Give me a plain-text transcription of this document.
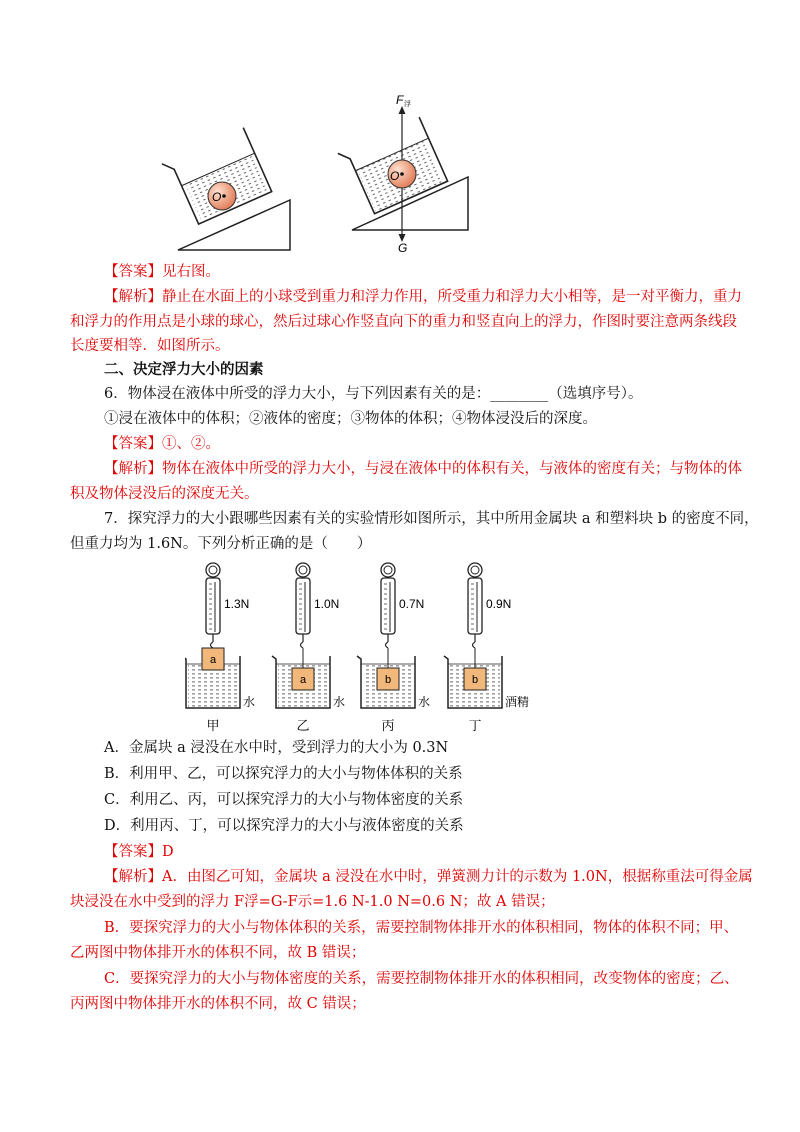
O
O
F 浮
G
【答案】见右图。
【解析】静止在水面上的小球受到重力和浮力作用，所受重力和浮力大小相等，是一对平衡力，重力
和浮力的作用点是小球的球心，然后过球心作竖直向下的重力和竖直向上的浮力，作图时要注意两条线段
长度要相等．如图所示。
二、决定浮力大小的因素
6．物体浸在液体中所受的浮力大小，与下列因素有关的是：________（选填序号）。
①浸在液体中的体积；②液体的密度；③物体的体积；④物体浸没后的深度。
【答案】①、②。
【解析】物体在液体中所受的浮力大小，与浸在液体中的体积有关，与液体的密度有关；与物体的体
积及物体浸没后的深度无关。
7．探究浮力的大小跟哪些因素有关的实验情形如图所示，其中所用金属块 a 和塑料块 b 的密度不同，
但重力均为 1.6N。下列分析正确的是（　　）
a
1.3N
水
甲
a
1.0N
水
乙
b
0.7N
水
丙
b
0.9N
酒精
丁
A．金属块 a 浸没在水中时，受到浮力的大小为 0.3N
B．利用甲、乙，可以探究浮力的大小与物体体积的关系
C．利用乙、丙，可以探究浮力的大小与物体密度的关系
D．利用丙、丁，可以探究浮力的大小与液体密度的关系
【答案】D
【解析】A．由图乙可知，金属块 a 浸没在水中时，弹簧测力计的示数为 1.0N，根据称重法可得金属
块浸没在水中受到的浮力 F浮=G-F示=1.6 N-1.0 N=0.6 N；故 A 错误；
B．要探究浮力的大小与物体体积的关系，需要控制物体排开水的体积相同，物体的体积不同；甲、
乙两图中物体排开水的体积不同，故 B 错误；
C．要探究浮力的大小与物体密度的关系，需要控制物体排开水的体积相同，改变物体的密度；乙、
丙两图中物体排开水的体积不同，故 C 错误；
